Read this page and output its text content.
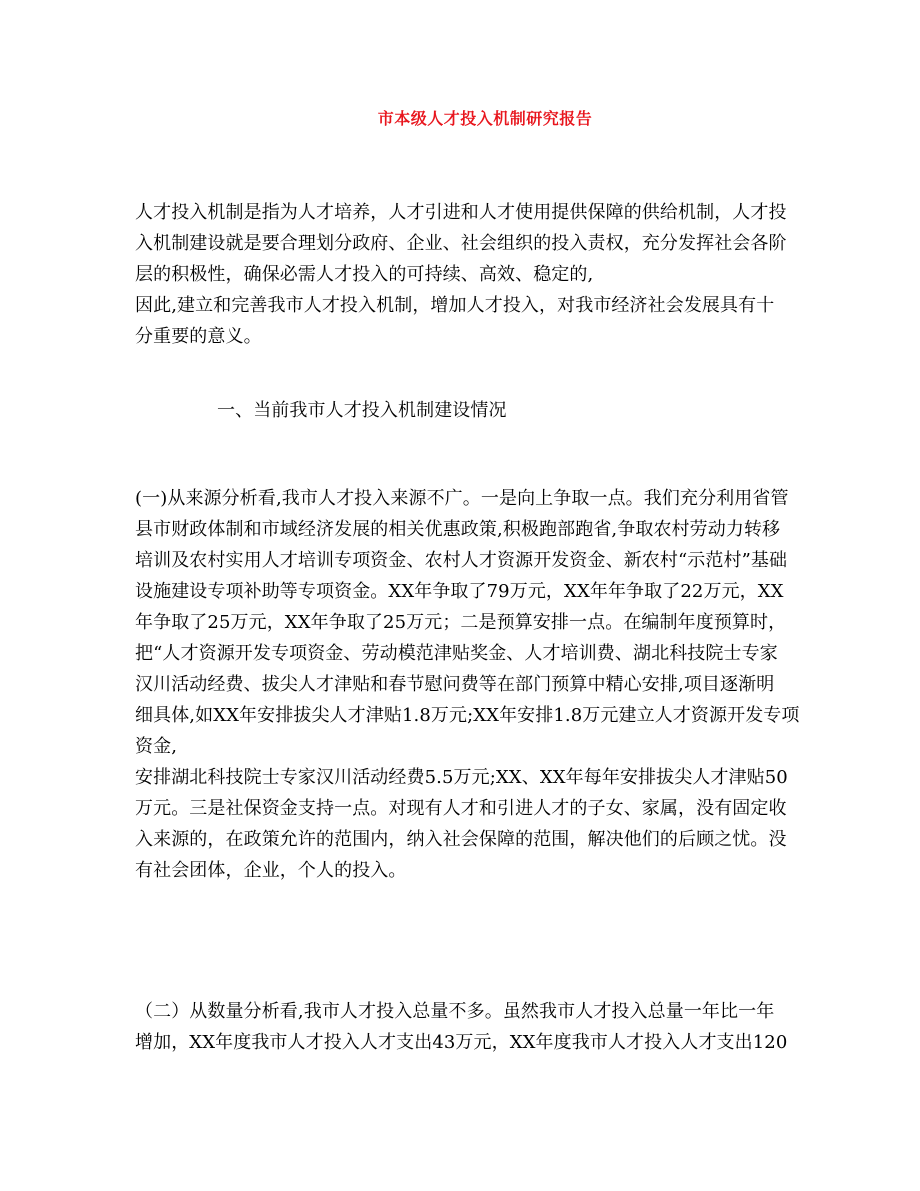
市本级人才投入机制研究报告
人才投入机制是指为人才培养，人才引进和人才使用提供保障的供给机制，人才投
入机制建设就是要合理划分政府、企业、社会组织的投入责权，充分发挥社会各阶
层的积极性，确保必需人才投入的可持续、高效、稳定的,
因此,建立和完善我市人才投入机制，增加人才投入，对我市经济社会发展具有十
分重要的意义。
一、当前我市人才投入机制建设情况
(一)从来源分析看,我市人才投入来源不广。一是向上争取一点。我们充分利用省管
县市财政体制和市域经济发展的相关优惠政策,积极跑部跑省,争取农村劳动力转移
培训及农村实用人才培训专项资金、农村人才资源开发资金、新农村“示范村”基础
设施建设专项补助等专项资金。XX年争取了79万元，XX年年争取了22万元，XX
年争取了25万元，XX年争取了25万元；二是预算安排一点。在编制年度预算时，
把“人才资源开发专项资金、劳动模范津贴奖金、人才培训费、湖北科技院士专家
汉川活动经费、拔尖人才津贴和春节慰问费等在部门预算中精心安排,项目逐渐明
细具体,如XX年安排拔尖人才津贴1.8万元;XX年安排1.8万元建立人才资源开发专项
资金,
安排湖北科技院士专家汉川活动经费5.5万元;XX、XX年每年安排拔尖人才津贴50
万元。三是社保资金支持一点。对现有人才和引进人才的子女、家属，没有固定收
入来源的，在政策允许的范围内，纳入社会保障的范围，解决他们的后顾之忧。没
有社会团体，企业，个人的投入。
（二）从数量分析看,我市人才投入总量不多。虽然我市人才投入总量一年比一年
增加，XX年度我市人才投入人才支出43万元，XX年度我市人才投入人才支出120
